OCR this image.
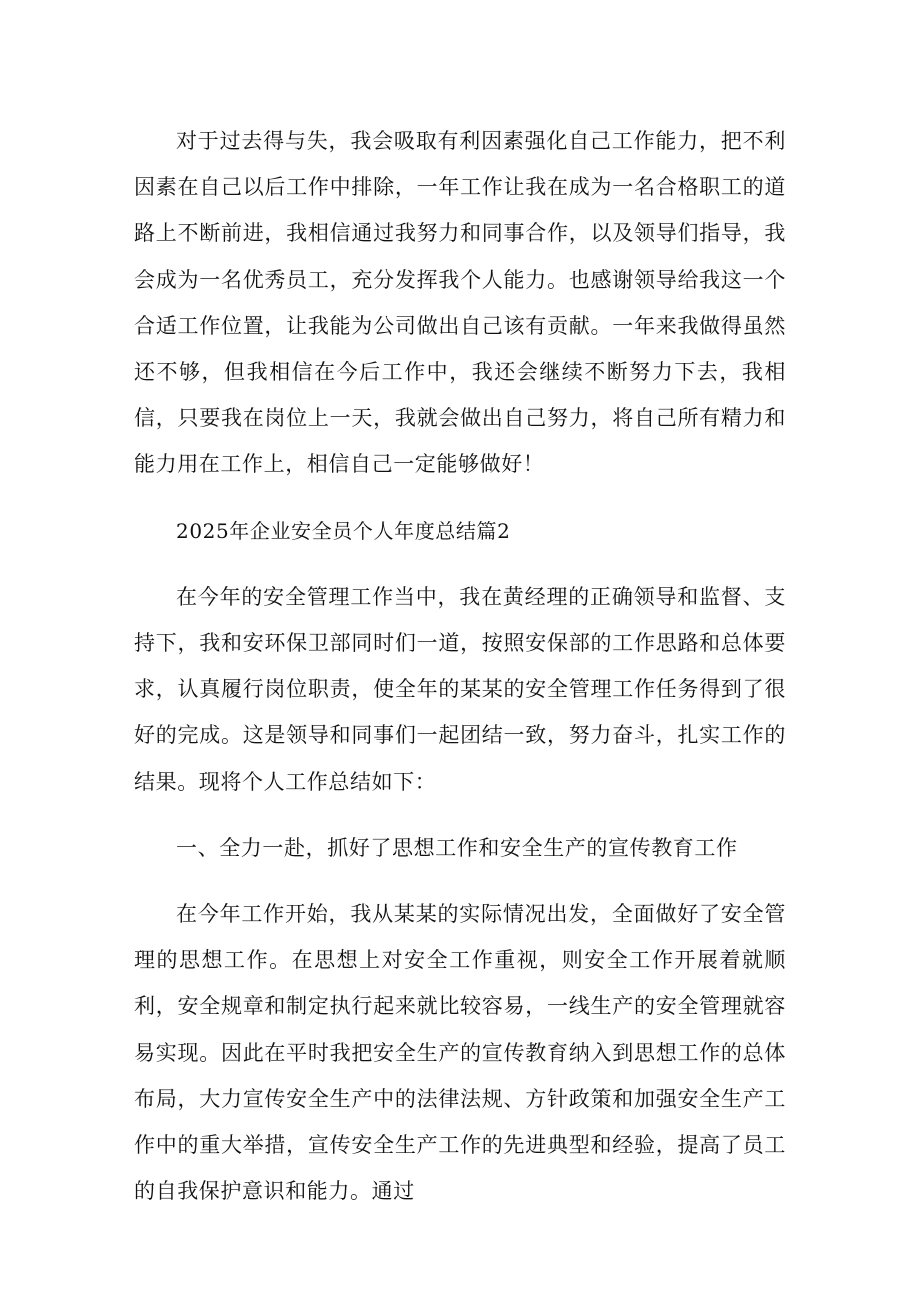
对于过去得与失，我会吸取有利因素强化自己工作能力，把不利因素在自己以后工作中排除，一年工作让我在成为一名合格职工的道路上不断前进，我相信通过我努力和同事合作，以及领导们指导，我会成为一名优秀员工，充分发挥我个人能力。也感谢领导给我这一个合适工作位置，让我能为公司做出自己该有贡献。一年来我做得虽然还不够，但我相信在今后工作中，我还会继续不断努力下去，我相信，只要我在岗位上一天，我就会做出自己努力，将自己所有精力和能力用在工作上，相信自己一定能够做好！

2025年企业安全员个人年度总结篇2

在今年的安全管理工作当中，我在黄经理的正确领导和监督、支持下，我和安环保卫部同时们一道，按照安保部的工作思路和总体要求，认真履行岗位职责，使全年的某某的安全管理工作任务得到了很好的完成。这是领导和同事们一起团结一致，努力奋斗，扎实工作的结果。现将个人工作总结如下：

一、全力一赴，抓好了思想工作和安全生产的宣传教育工作

在今年工作开始，我从某某的实际情况出发，全面做好了安全管理的思想工作。在思想上对安全工作重视，则安全工作开展着就顺利，安全规章和制定执行起来就比较容易，一线生产的安全管理就容易实现。因此在平时我把安全生产的宣传教育纳入到思想工作的总体布局，大力宣传安全生产中的法律法规、方针政策和加强安全生产工作中的重大举措，宣传安全生产工作的先进典型和经验，提高了员工的自我保护意识和能力。通过
